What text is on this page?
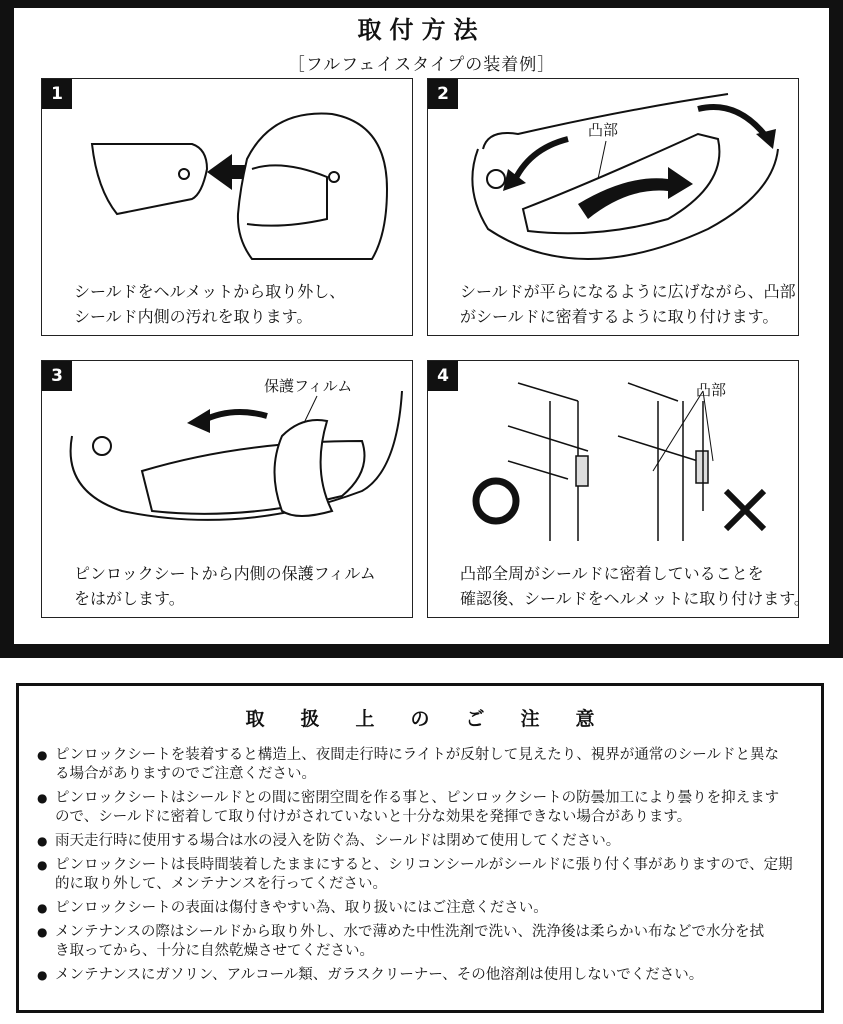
取付方法
［フルフェイスタイプの装着例］
1
シールドをヘルメットから取り外し、
シールド内側の汚れを取ります。
2
凸部
シールドが平らになるように広げながら、凸部
がシールドに密着するように取り付けます。
3	保護フィルム
ピンロックシートから内側の保護フィルム
をはがします。
4
凸部
凸部全周がシールドに密着していることを
確認後、シールドをヘルメットに取り付けます。
取扱上のご注意
● ピンロックシートを装着すると構造上、夜間走行時にライトが反射して見えたり、視界が通常のシールドと異な
る場合がありますのでご注意ください。
● ピンロックシートはシールドとの間に密閉空間を作る事と、ピンロックシートの防曇加工により曇りを抑えます
ので、シールドに密着して取り付けがされていないと十分な効果を発揮できない場合があります。
● 雨天走行時に使用する場合は水の浸入を防ぐ為、シールドは閉めて使用してください。
● ピンロックシートは長時間装着したままにすると、シリコンシールがシールドに張り付く事がありますので、定期
的に取り外して、メンテナンスを行ってください。
● ピンロックシートの表面は傷付きやすい為、取り扱いにはご注意ください。
● メンテナンスの際はシールドから取り外し、水で薄めた中性洗剤で洗い、洗浄後は柔らかい布などで水分を拭
き取ってから、十分に自然乾燥させてください。
● メンテナンスにガソリン、アルコール類、ガラスクリーナー、その他溶剤は使用しないでください。
